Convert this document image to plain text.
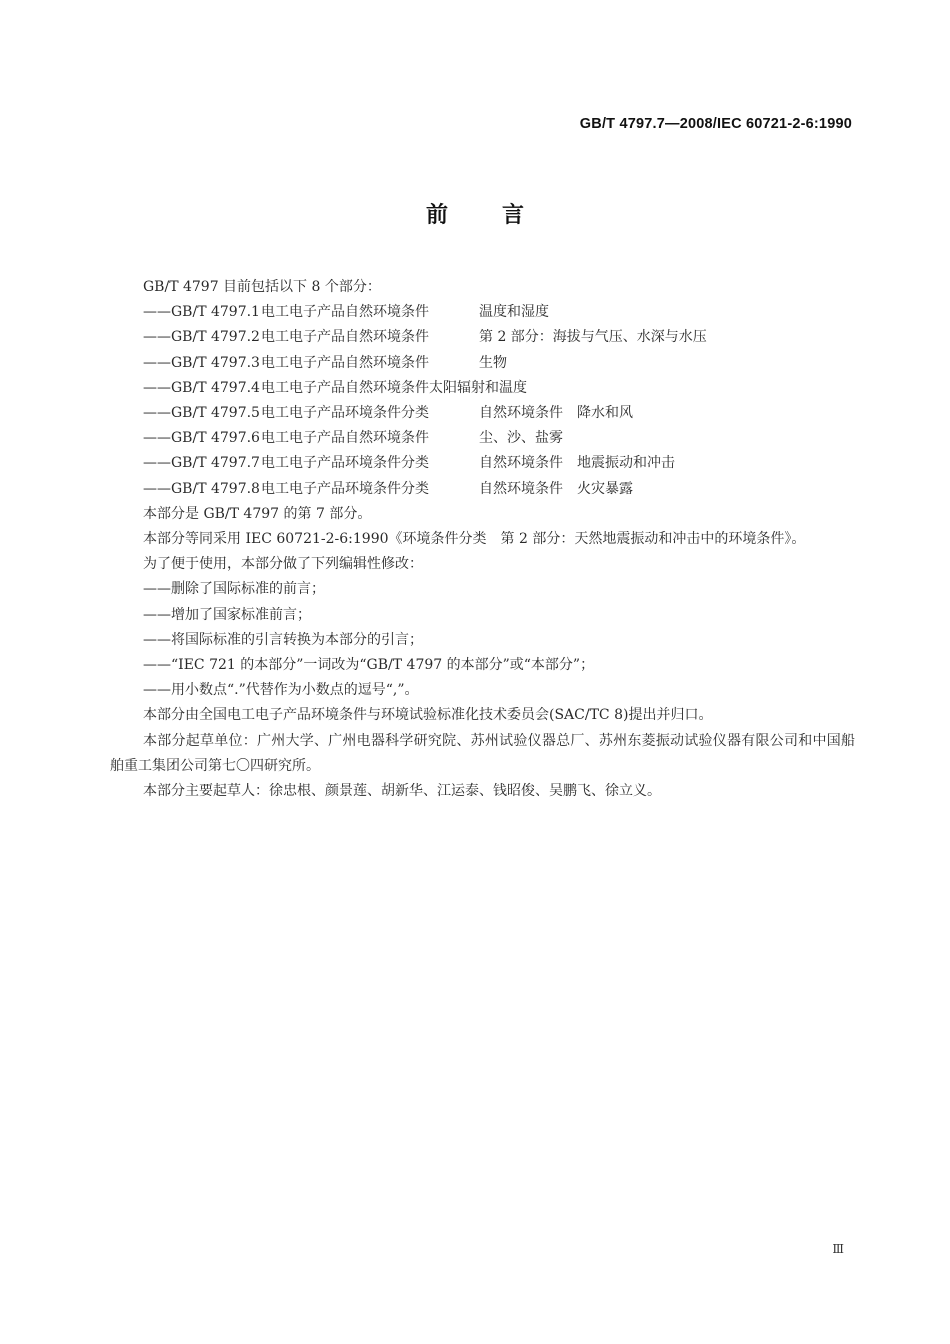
GB/T 4797.7—2008/IEC 60721-2-6:1990
前言

GB/T 4797 目前包括以下 8 个部分：

——GB/T 4797.1电工电子产品自然环境条件	温度和湿度

——GB/T 4797.2电工电子产品自然环境条件	第 2 部分：海拔与气压、水深与水压

——GB/T 4797.3电工电子产品自然环境条件	生物

——GB/T 4797.4电工电子产品自然环境条件太阳辐射和温度

——GB/T 4797.5电工电子产品环境条件分类	自然环境条件　降水和风

——GB/T 4797.6电工电子产品自然环境条件	尘、沙、盐雾

——GB/T 4797.7电工电子产品环境条件分类	自然环境条件　地震振动和冲击

——GB/T 4797.8电工电子产品环境条件分类	自然环境条件　火灾暴露

本部分是 GB/T 4797 的第 7 部分。

本部分等同采用 IEC 60721-2-6:1990《环境条件分类　第 2 部分：天然地震振动和冲击中的环境条件》。

为了便于使用，本部分做了下列编辑性修改：

——删除了国际标准的前言；

——增加了国家标准前言；

——将国际标准的引言转换为本部分的引言；

——“IEC 721 的本部分”一词改为“GB/T 4797 的本部分”或“本部分”；

——用小数点“.”代替作为小数点的逗号“,”。

本部分由全国电工电子产品环境条件与环境试验标准化技术委员会(SAC/TC 8)提出并归口。

本部分起草单位：广州大学、广州电器科学研究院、苏州试验仪器总厂、苏州东菱振动试验仪器有限公司和中国船舶重工集团公司第七〇四研究所。

本部分主要起草人：徐忠根、颜景莲、胡新华、江运泰、钱昭俊、吴鹏飞、徐立义。

Ⅲ
